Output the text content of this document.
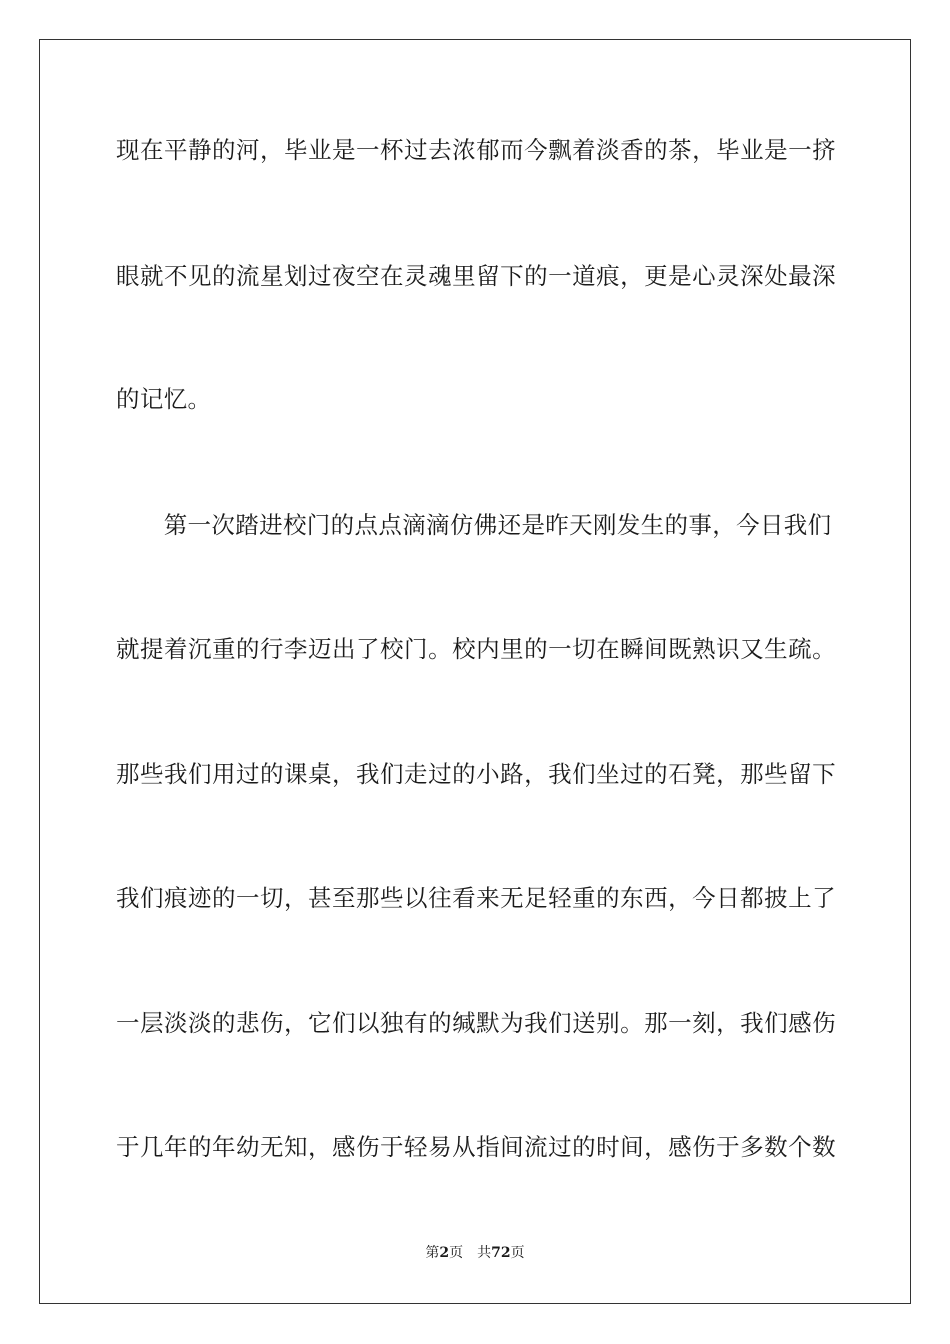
现在平静的河，毕业是一杯过去浓郁而今飘着淡香的茶，毕业是一挤
眼就不见的流星划过夜空在灵魂里留下的一道痕，更是心灵深处最深
的记忆。
　　第一次踏进校门的点点滴滴仿佛还是昨天刚发生的事，今日我们
就提着沉重的行李迈出了校门。校内里的一切在瞬间既熟识又生疏。
那些我们用过的课桌，我们走过的小路，我们坐过的石凳，那些留下
我们痕迹的一切，甚至那些以往看来无足轻重的东西，今日都披上了
一层淡淡的悲伤，它们以独有的缄默为我们送别。那一刻，我们感伤
于几年的年幼无知，感伤于轻易从指间流过的时间，感伤于多数个数
第2页 共72页
